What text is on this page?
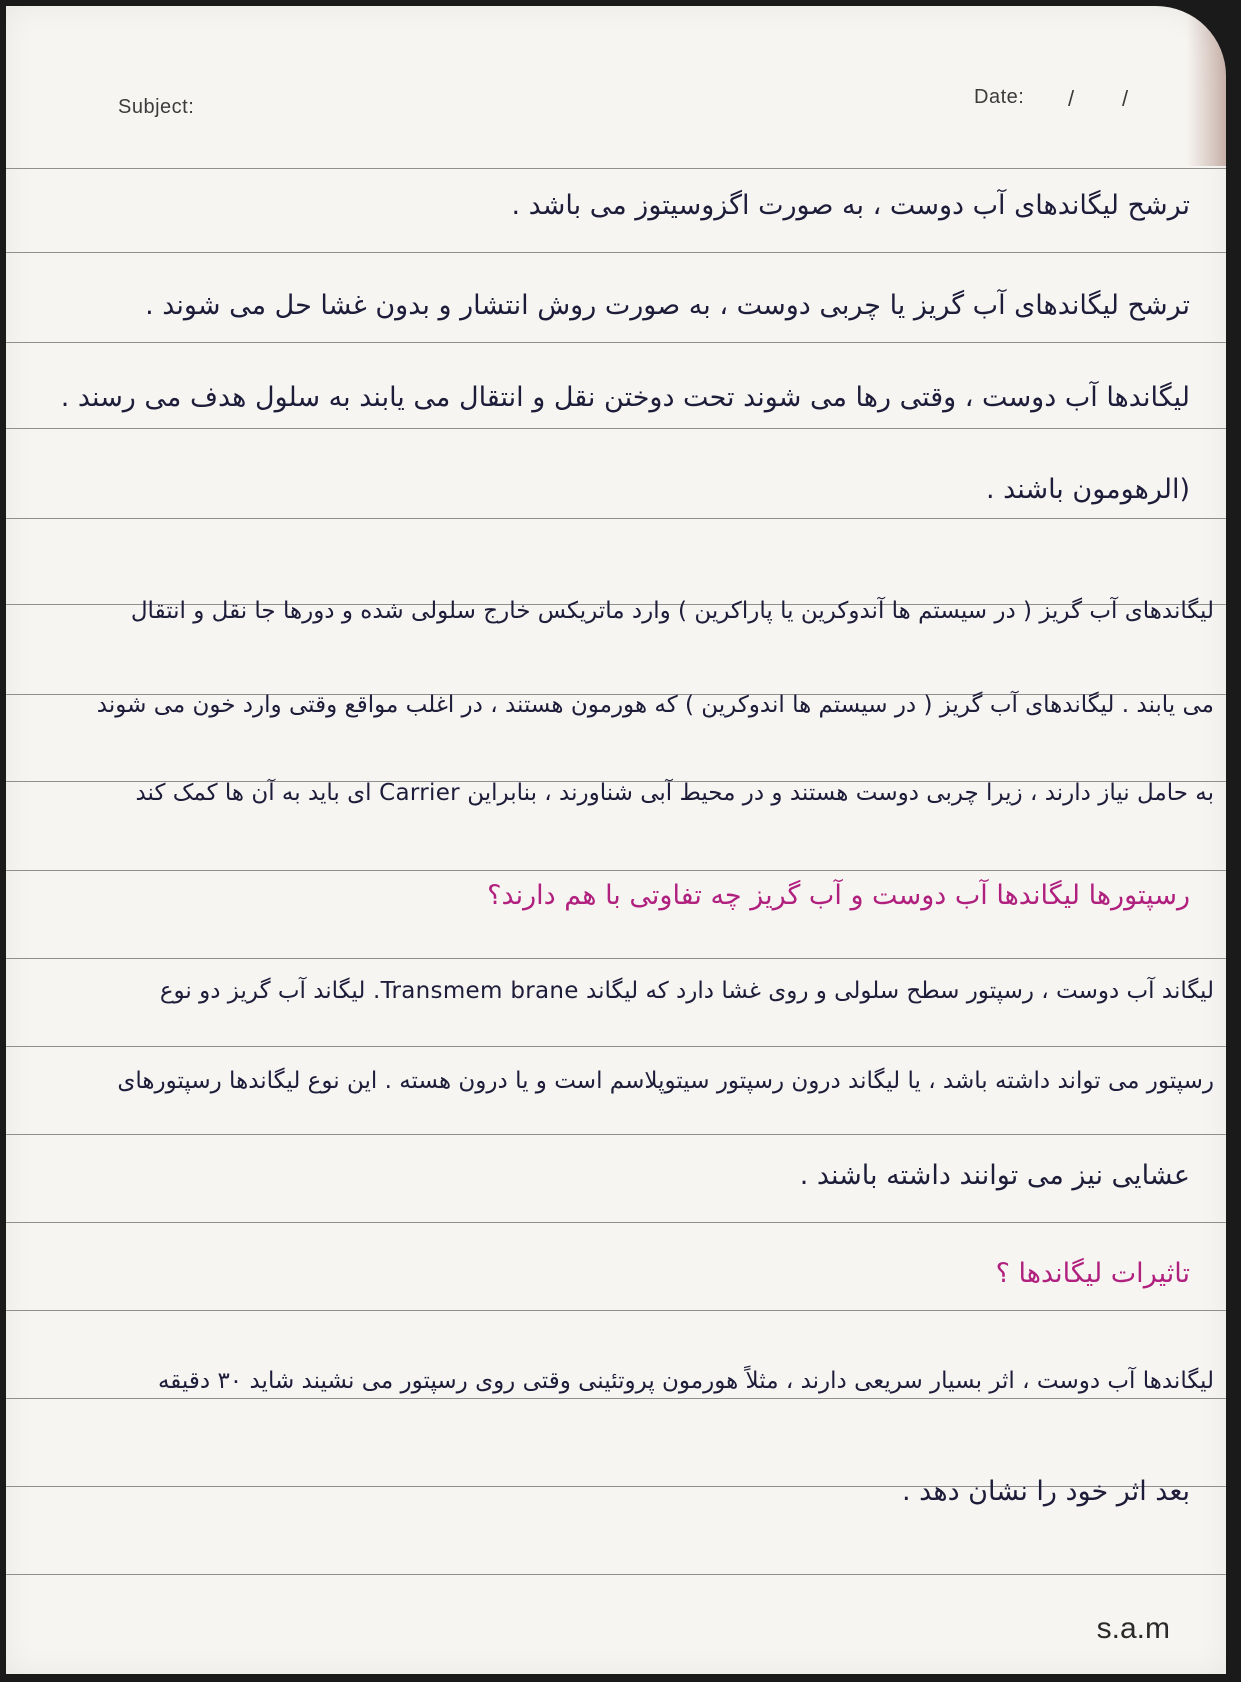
Subject:	Date: / /
ترشح لیگاندهای آب دوست ، به صورت اگزوسیتوز می باشد .
ترشح لیگاندهای آب گریز یا چربی دوست ، به صورت روش انتشار و بدون غشا حل می شوند .
لیگاندها آب دوست ، وقتی رها می شوند تحت دوختن نقل و انتقال می یابند به سلول هدف می رسند .
(الرهومون باشند .
لیگاندهای آب گریز ( در سیستم ها آندوکرین یا پاراکرین ) وارد ماتریکس خارج سلولی شده و دورها جا نقل و انتقال
می یابند . لیگاندهای آب گریز ( در سیستم ها اندوکرین ) که هورمون هستند ، در اغلب مواقع وقتی وارد خون می شوند
به حامل نیاز دارند ، زیرا چربی دوست هستند و در محیط آبی شناورند ، بنابراین Carrier ای باید به آن ها کمک کند
رسپتورها لیگاندها آب دوست و آب گریز چه تفاوتی با هم دارند؟
لیگاند آب دوست ، رسپتور سطح سلولی و روی غشا دارد که لیگاند Transmem brane. لیگاند آب گریز دو نوع
رسپتور می تواند داشته باشد ، یا لیگاند درون رسپتور سیتوپلاسم است و یا درون هسته . این نوع لیگاندها رسپتورهای
عشایی نیز می توانند داشته باشند .
تاثیرات لیگاندها ؟
لیگاندها آب دوست ، اثر بسیار سریعی دارند ، مثلاً هورمون پروتئینی وقتی روی رسپتور می نشیند شاید ۳۰ دقیقه
بعد اثر خود را نشان دهد .
s.a.m
